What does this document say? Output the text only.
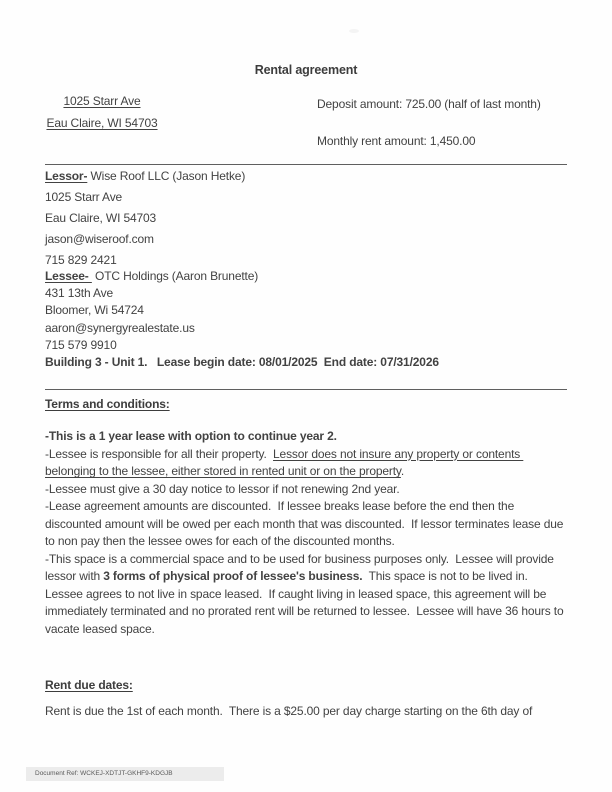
Rental agreement
1025 Starr Ave
Eau Claire, WI 54703
Deposit amount: 725.00 (half of last month)
Monthly rent amount: 1,450.00
Lessor- Wise Roof LLC (Jason Hetke)
1025 Starr Ave
Eau Claire, WI 54703
jason@wiseroof.com
715 829 2421
Lessee-  OTC Holdings (Aaron Brunette)
431 13th Ave
Bloomer, Wi 54724
aaron@synergyrealestate.us
715 579 9910
Building 3 - Unit 1.   Lease begin date: 08/01/2025  End date: 07/31/2026
Terms and conditions:
-This is a 1 year lease with option to continue year 2.
-Lessee is responsible for all their property.  Lessor does not insure any property or contents
belonging to the lessee, either stored in rented unit or on the property.
-Lessee must give a 30 day notice to lessor if not renewing 2nd year.
-Lease agreement amounts are discounted.  If lessee breaks lease before the end then the
discounted amount will be owed per each month that was discounted.  If lessor terminates lease due
to non pay then the lessee owes for each of the discounted months.
-This space is a commercial space and to be used for business purposes only.  Lessee will provide
lessor with 3 forms of physical proof of lessee's business.  This space is not to be lived in.
Lessee agrees to not live in space leased.  If caught living in leased space, this agreement will be
immediately terminated and no prorated rent will be returned to lessee.  Lessee will have 36 hours to
vacate leased space.
Rent due dates:
Rent is due the 1st of each month.  There is a $25.00 per day charge starting on the 6th day of
Document Ref: WCKEJ-XDTJT-GKHF9-KDGJB
